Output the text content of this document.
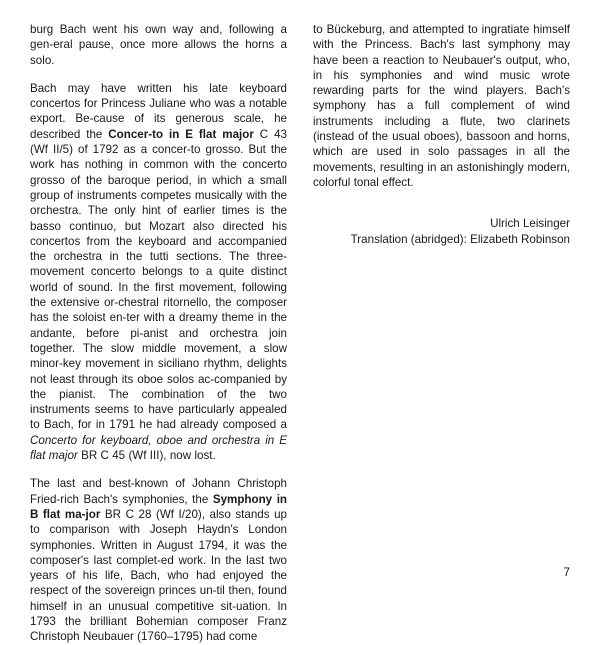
burg Bach went his own way and, following a gen-eral pause, once more allows the horns a solo.

Bach may have written his late keyboard concertos for Princess Juliane who was a notable export. Be-cause of its generous scale, he described the Concer-to in E flat major C 43 (Wf II/5) of 1792 as a concer-to grosso. But the work has nothing in common with the concerto grosso of the baroque period, in which a small group of instruments competes musically with the orchestra. The only hint of earlier times is the basso continuo, but Mozart also directed his concertos from the keyboard and accompanied the orchestra in the tutti sections. The three-movement concerto belongs to a quite distinct world of sound. In the first movement, following the extensive or-chestral ritornello, the composer has the soloist en-ter with a dreamy theme in the andante, before pi-anist and orchestra join together. The slow middle movement, a slow minor-key movement in siciliano rhythm, delights not least through its oboe solos ac-companied by the pianist. The combination of the two instruments seems to have particularly appealed to Bach, for in 1791 he had already composed a Concerto for keyboard, oboe and orchestra in E flat major BR C 45 (Wf III), now lost.

The last and best-known of Johann Christoph Fried-rich Bach's symphonies, the Symphony in B flat ma-jor BR C 28 (Wf I/20), also stands up to comparison with Joseph Haydn's London symphonies. Written in August 1794, it was the composer's last complet-ed work. In the last two years of his life, Bach, who had enjoyed the respect of the sovereign princes un-til then, found himself in an unusual competitive sit-uation. In 1793 the brilliant Bohemian composer Franz Christoph Neubauer (1760–1795) had come

to Bückeburg, and attempted to ingratiate himself with the Princess. Bach's last symphony may have been a reaction to Neubauer's output, who, in his symphonies and wind music wrote rewarding parts for the wind players. Bach's symphony has a full complement of wind instruments including a flute, two clarinets (instead of the usual oboes), bassoon and horns, which are used in solo passages in all the movements, resulting in an astonishingly modern, colorful tonal effect.

Ulrich Leisinger
Translation (abridged): Elizabeth Robinson
7
